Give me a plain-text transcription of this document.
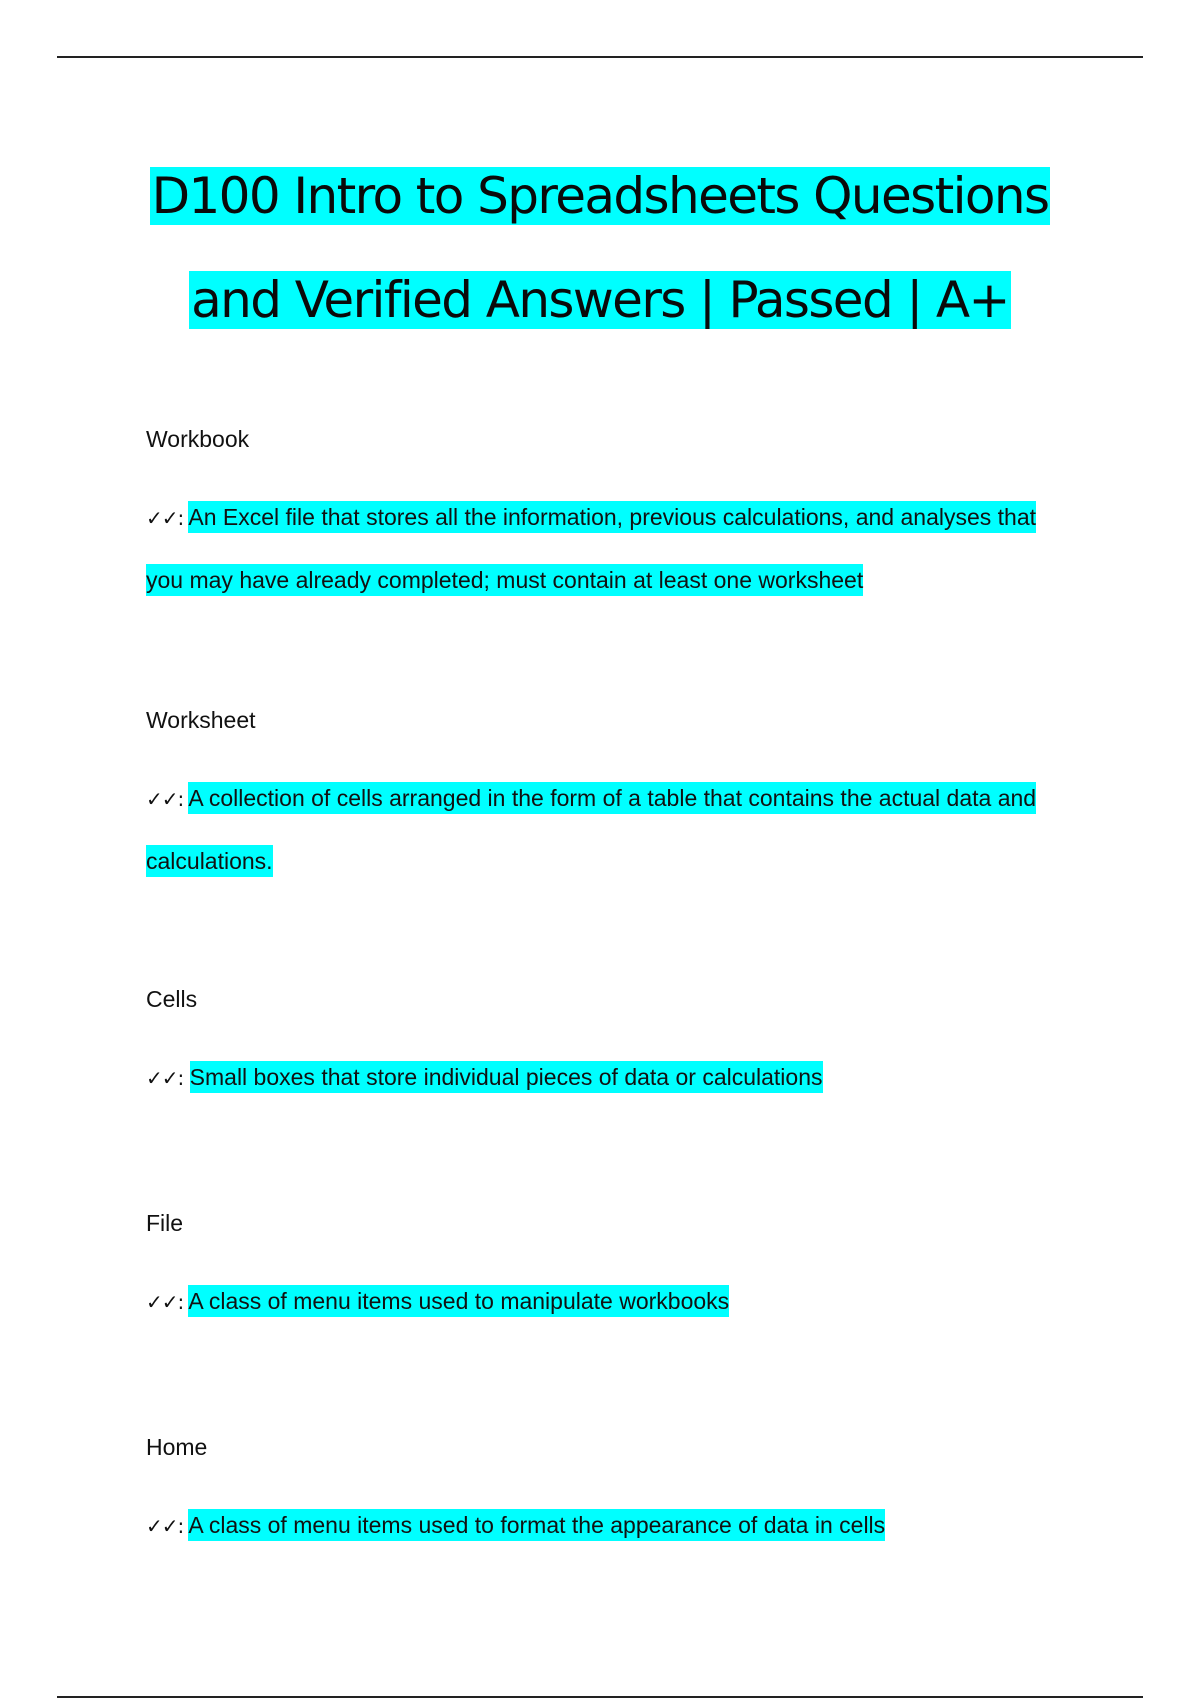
D100 Intro to Spreadsheets Questions and Verified Answers | Passed | A+

Workbook

✓✓: An Excel file that stores all the information, previous calculations, and analyses that you may have already completed; must contain at least one worksheet

Worksheet

✓✓: A collection of cells arranged in the form of a table that contains the actual data and calculations.

Cells

✓✓: Small boxes that store individual pieces of data or calculations

File

✓✓: A class of menu items used to manipulate workbooks

Home

✓✓: A class of menu items used to format the appearance of data in cells
